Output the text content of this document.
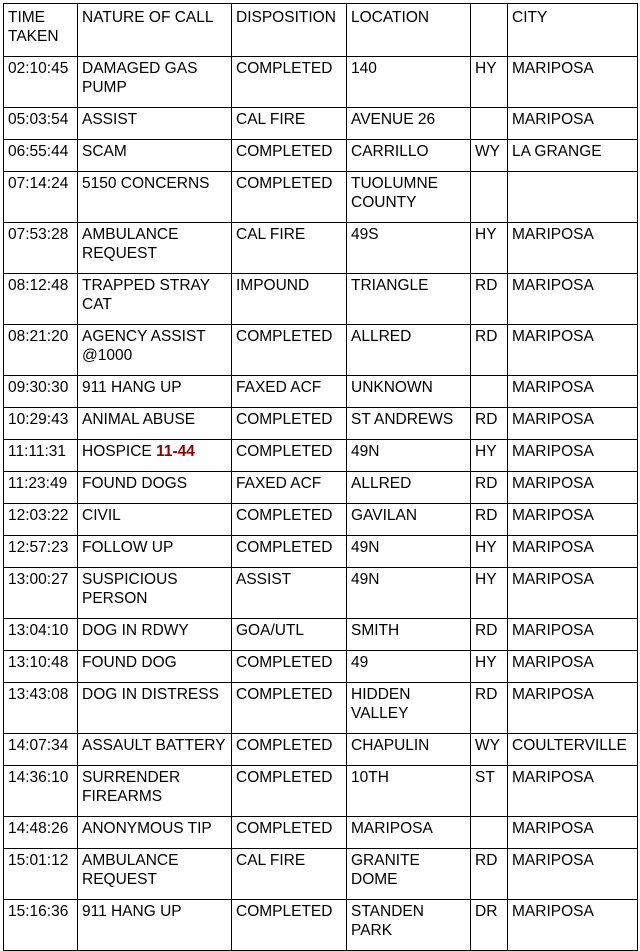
TIME TAKEN	NATURE OF CALL	DISPOSITION	LOCATION		CITY
02:10:45	DAMAGED GAS PUMP	COMPLETED	140	HY	MARIPOSA
05:03:54	ASSIST	CAL FIRE	AVENUE 26		MARIPOSA
06:55:44	SCAM	COMPLETED	CARRILLO	WY	LA GRANGE
07:14:24	5150 CONCERNS	COMPLETED	TUOLUMNE COUNTY		
07:53:28	AMBULANCE REQUEST	CAL FIRE	49S	HY	MARIPOSA
08:12:48	TRAPPED STRAY CAT	IMPOUND	TRIANGLE	RD	MARIPOSA
08:21:20	AGENCY ASSIST @1000	COMPLETED	ALLRED	RD	MARIPOSA
09:30:30	911 HANG UP	FAXED ACF	UNKNOWN		MARIPOSA
10:29:43	ANIMAL ABUSE	COMPLETED	ST ANDREWS	RD	MARIPOSA
11:11:31	HOSPICE 11-44	COMPLETED	49N	HY	MARIPOSA
11:23:49	FOUND DOGS	FAXED ACF	ALLRED	RD	MARIPOSA
12:03:22	CIVIL	COMPLETED	GAVILAN	RD	MARIPOSA
12:57:23	FOLLOW UP	COMPLETED	49N	HY	MARIPOSA
13:00:27	SUSPICIOUS PERSON	ASSIST	49N	HY	MARIPOSA
13:04:10	DOG IN RDWY	GOA/UTL	SMITH	RD	MARIPOSA
13:10:48	FOUND DOG	COMPLETED	49	HY	MARIPOSA
13:43:08	DOG IN DISTRESS	COMPLETED	HIDDEN VALLEY	RD	MARIPOSA
14:07:34	ASSAULT BATTERY	COMPLETED	CHAPULIN	WY	COULTERVILLE
14:36:10	SURRENDER FIREARMS	COMPLETED	10TH	ST	MARIPOSA
14:48:26	ANONYMOUS TIP	COMPLETED	MARIPOSA		MARIPOSA
15:01:12	AMBULANCE REQUEST	CAL FIRE	GRANITE DOME	RD	MARIPOSA
15:16:36	911 HANG UP	COMPLETED	STANDEN PARK	DR	MARIPOSA
